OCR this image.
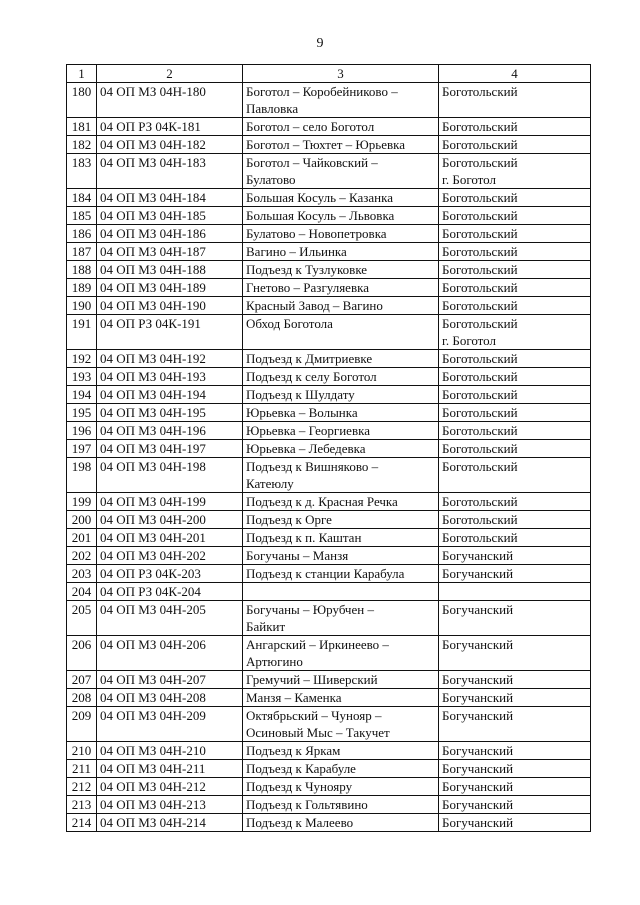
9
1	2	3	4
180	04 ОП МЗ 04Н-180	Боготол – Коробейниково –
Павловка	Боготольский
181	04 ОП РЗ 04К-181	Боготол – село Боготол	Боготольский
182	04 ОП МЗ 04Н-182	Боготол – Тюхтет – Юрьевка	Боготольский
183	04 ОП МЗ 04Н-183	Боготол – Чайковский –
Булатово	Боготольский
г. Боготол
184	04 ОП МЗ 04Н-184	Большая Косуль – Казанка	Боготольский
185	04 ОП МЗ 04Н-185	Большая Косуль – Львовка	Боготольский
186	04 ОП МЗ 04Н-186	Булатово – Новопетровка	Боготольский
187	04 ОП МЗ 04Н-187	Вагино – Ильинка	Боготольский
188	04 ОП МЗ 04Н-188	Подъезд к Тузлуковке	Боготольский
189	04 ОП МЗ 04Н-189	Гнетово – Разгуляевка	Боготольский
190	04 ОП МЗ 04Н-190	Красный Завод – Вагино	Боготольский
191	04 ОП РЗ 04К-191	Обход Боготола	Боготольский
г. Боготол
192	04 ОП МЗ 04Н-192	Подъезд к Дмитриевке	Боготольский
193	04 ОП МЗ 04Н-193	Подъезд к селу Боготол	Боготольский
194	04 ОП МЗ 04Н-194	Подъезд к Шулдату	Боготольский
195	04 ОП МЗ 04Н-195	Юрьевка – Волынка	Боготольский
196	04 ОП МЗ 04Н-196	Юрьевка – Георгиевка	Боготольский
197	04 ОП МЗ 04Н-197	Юрьевка – Лебедевка	Боготольский
198	04 ОП МЗ 04Н-198	Подъезд к Вишняково –
Катеюлу	Боготольский
199	04 ОП МЗ 04Н-199	Подъезд к д. Красная Речка	Боготольский
200	04 ОП МЗ 04Н-200	Подъезд к Орге	Боготольский
201	04 ОП МЗ 04Н-201	Подъезд к п. Каштан	Боготольский
202	04 ОП МЗ 04Н-202	Богучаны – Манзя	Богучанский
203	04 ОП РЗ 04К-203	Подъезд к станции Карабула	Богучанский
204	04 ОП РЗ 04К-204		
205	04 ОП МЗ 04Н-205	Богучаны – Юрубчен –
Байкит	Богучанский
206	04 ОП МЗ 04Н-206	Ангарский – Иркинеево –
Артюгино	Богучанский
207	04 ОП МЗ 04Н-207	Гремучий – Шиверский	Богучанский
208	04 ОП МЗ 04Н-208	Манзя – Каменка	Богучанский
209	04 ОП МЗ 04Н-209	Октябрьский – Чунояр –
Осиновый Мыс – Такучет	Богучанский
210	04 ОП МЗ 04Н-210	Подъезд к Яркам	Богучанский
211	04 ОП МЗ 04Н-211	Подъезд к Карабуле	Богучанский
212	04 ОП МЗ 04Н-212	Подъезд к Чунояру	Богучанский
213	04 ОП МЗ 04Н-213	Подъезд к Гольтявино	Богучанский
214	04 ОП МЗ 04Н-214	Подъезд к Малеево	Богучанский
